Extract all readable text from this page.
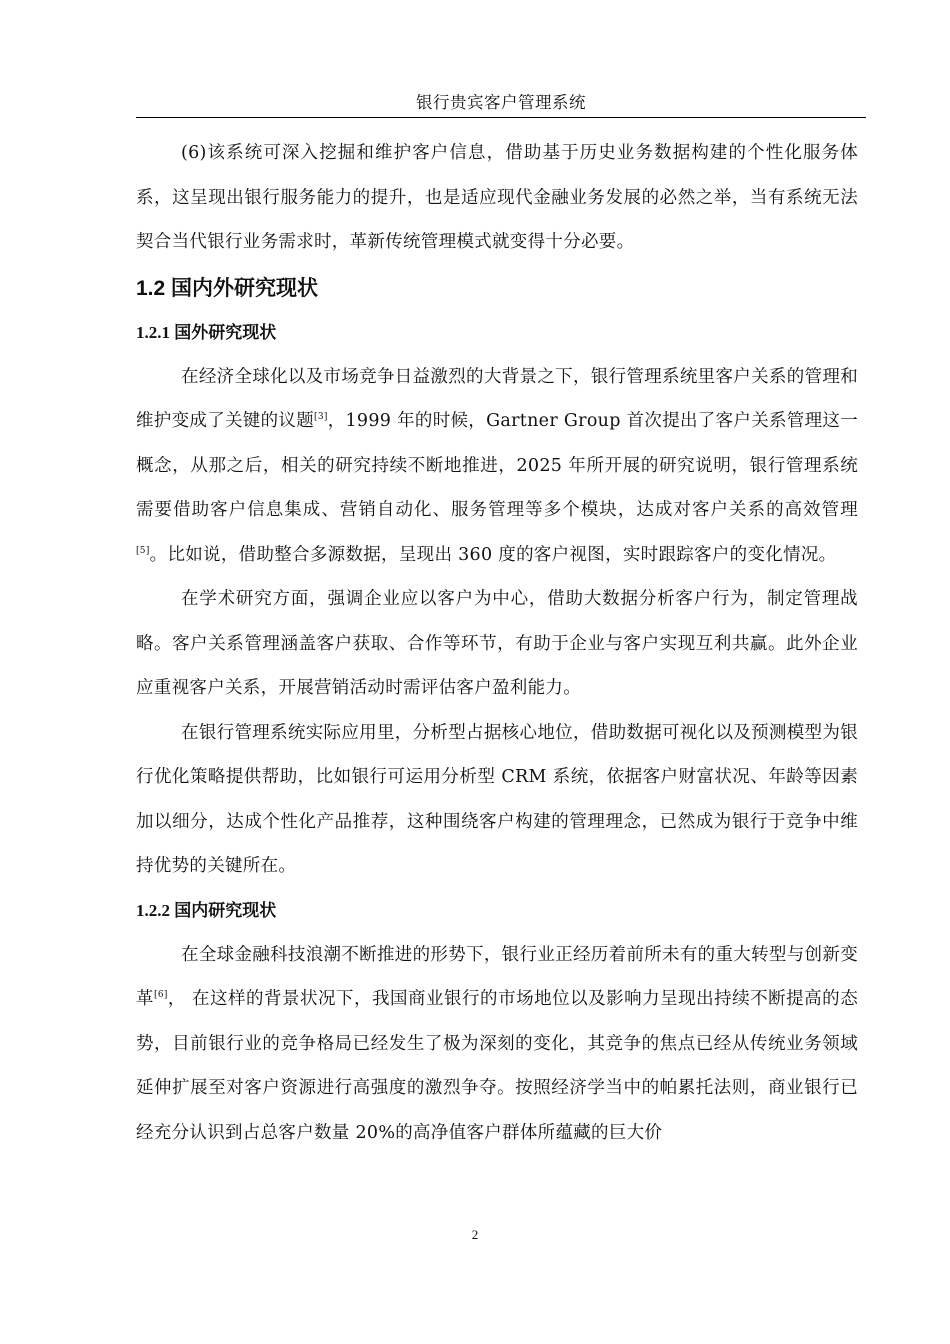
银行贵宾客户管理系统

(6)该系统可深入挖掘和维护客户信息，借助基于历史业务数据构建的个性化服务体系，这呈现出银行服务能力的提升，也是适应现代金融业务发展的必然之举，当有系统无法契合当代银行业务需求时，革新传统管理模式就变得十分必要。

1.2 国内外研究现状
1.2.1 国外研究现状

在经济全球化以及市场竞争日益激烈的大背景之下，银行管理系统里客户关系的管理和维护变成了关键的议题[3]，1999 年的时候，Gartner Group 首次提出了客户关系管理这一概念，从那之后，相关的研究持续不断地推进，2025 年所开展的研究说明，银行管理系统需要借助客户信息集成、营销自动化、服务管理等多个模块，达成对客户关系的高效管理[5]。比如说，借助整合多源数据，呈现出 360 度的客户视图，实时跟踪客户的变化情况。

在学术研究方面，强调企业应以客户为中心，借助大数据分析客户行为，制定管理战略。客户关系管理涵盖客户获取、合作等环节，有助于企业与客户实现互利共赢。此外企业应重视客户关系，开展营销活动时需评估客户盈利能力。

在银行管理系统实际应用里，分析型占据核心地位，借助数据可视化以及预测模型为银行优化策略提供帮助，比如银行可运用分析型 CRM 系统，依据客户财富状况、年龄等因素加以细分，达成个性化产品推荐，这种围绕客户构建的管理理念，已然成为银行于竞争中维持优势的关键所在。

1.2.2 国内研究现状

在全球金融科技浪潮不断推进的形势下，银行业正经历着前所未有的重大转型与创新变革[6]， 在这样的背景状况下，我国商业银行的市场地位以及影响力呈现出持续不断提高的态势，目前银行业的竞争格局已经发生了极为深刻的变化，其竞争的焦点已经从传统业务领域延伸扩展至对客户资源进行高强度的激烈争夺。按照经济学当中的帕累托法则，商业银行已经充分认识到占总客户数量 20%的高净值客户群体所蕴藏的巨大价

2
